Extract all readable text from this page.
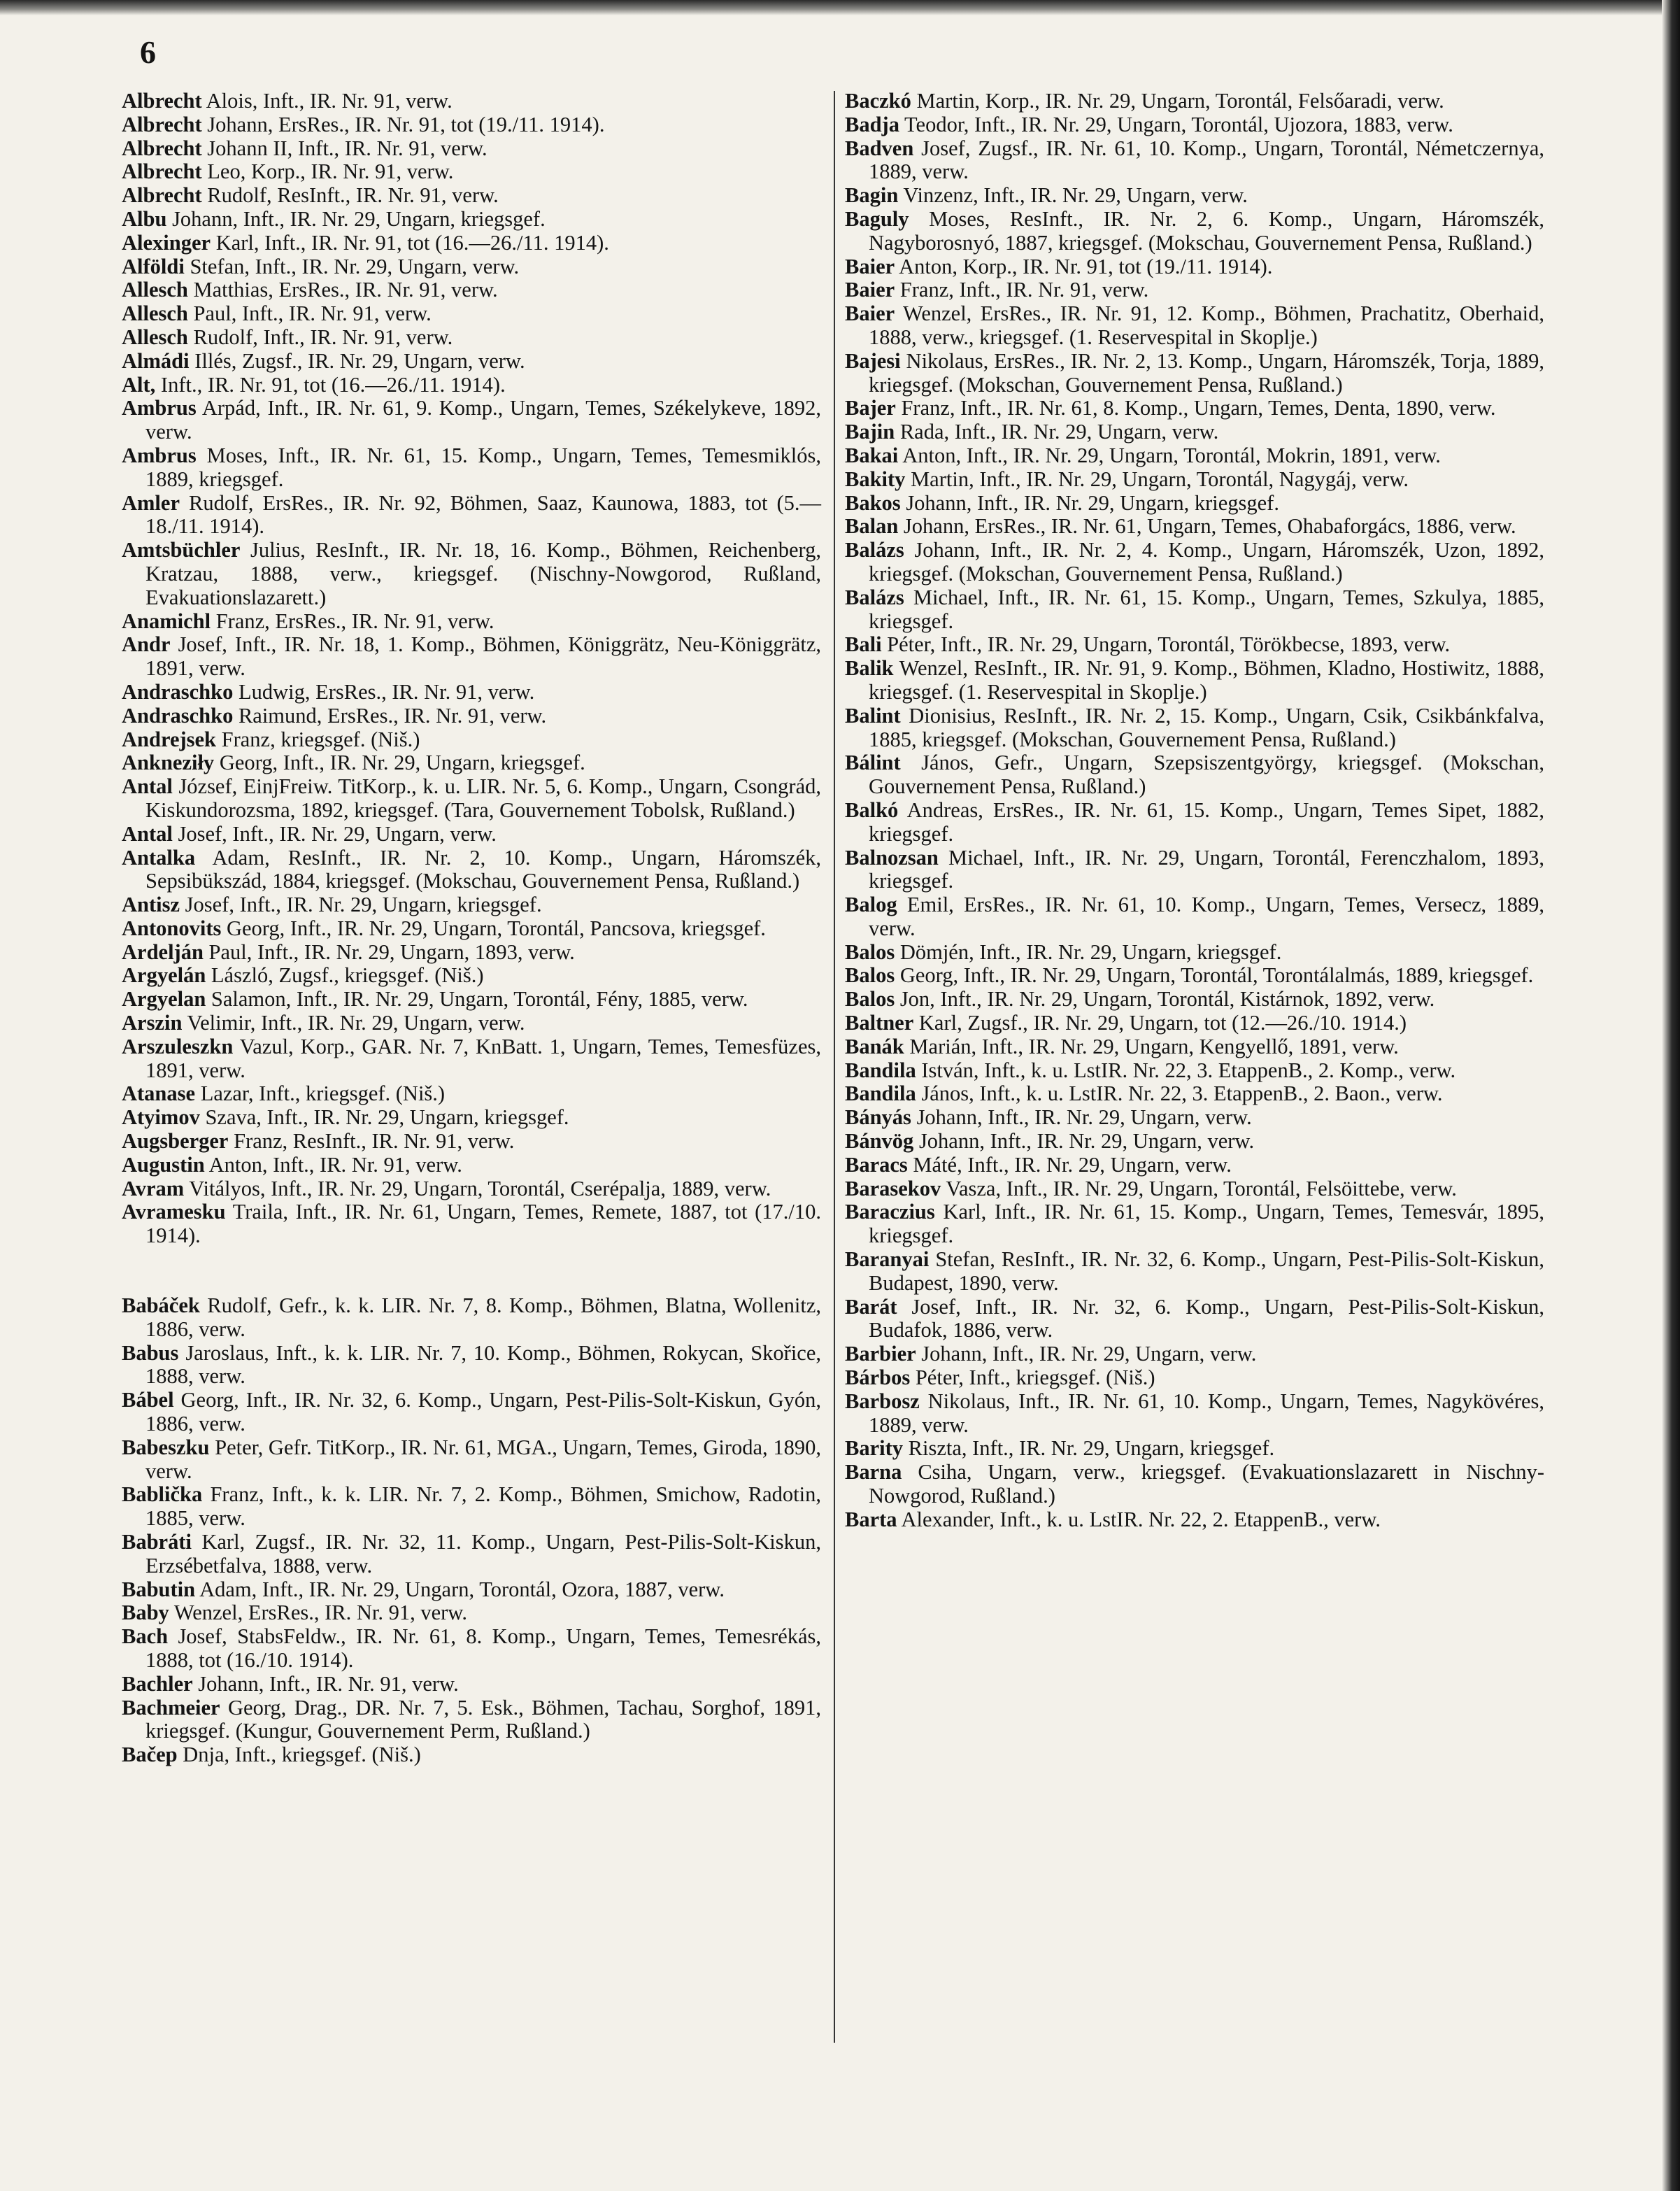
6
Albrecht Alois, Inft., IR. Nr. 91, verw.
Albrecht Johann, ErsRes., IR. Nr. 91, tot (19./11. 1914).
Albrecht Johann II, Inft., IR. Nr. 91, verw.
Albrecht Leo, Korp., IR. Nr. 91, verw.
Albrecht Rudolf, ResInft., IR. Nr. 91, verw.
Albu Johann, Inft., IR. Nr. 29, Ungarn, kriegsgef.
Alexinger Karl, Inft., IR. Nr. 91, tot (16.—26./11. 1914).
Alföldi Stefan, Inft., IR. Nr. 29, Ungarn, verw.
Allesch Matthias, ErsRes., IR. Nr. 91, verw.
Allesch Paul, Inft., IR. Nr. 91, verw.
Allesch Rudolf, Inft., IR. Nr. 91, verw.
Almádi Illés, Zugsf., IR. Nr. 29, Ungarn, verw.
Alt, Inft., IR. Nr. 91, tot (16.—26./11. 1914).
Ambrus Arpád, Inft., IR. Nr. 61, 9. Komp., Ungarn, Temes, Székelykeve, 1892, verw.
Ambrus Moses, Inft., IR. Nr. 61, 15. Komp., Ungarn, Temes, Temesmiklós, 1889, kriegsgef.
Amler Rudolf, ErsRes., IR. Nr. 92, Böhmen, Saaz, Kaunowa, 1883, tot (5.—18./11. 1914).
Amtsbüchler Julius, ResInft., IR. Nr. 18, 16. Komp., Böhmen, Reichenberg, Kratzau, 1888, verw., kriegsgef. (Nischny-Nowgorod, Rußland, Evakuationslazarett.)
Anamichl Franz, ErsRes., IR. Nr. 91, verw.
Andr Josef, Inft., IR. Nr. 18, 1. Komp., Böhmen, Königgrätz, Neu-Königgrätz, 1891, verw.
Andraschko Ludwig, ErsRes., IR. Nr. 91, verw.
Andraschko Raimund, ErsRes., IR. Nr. 91, verw.
Andrejsek Franz, kriegsgef. (Niš.)
Ankneziły Georg, Inft., IR. Nr. 29, Ungarn, kriegsgef.
Antal József, EinjFreiw. TitKorp., k. u. LIR. Nr. 5, 6. Komp., Ungarn, Csongrád, Kiskundorozsma, 1892, kriegsgef. (Tara, Gouvernement Tobolsk, Rußland.)
Antal Josef, Inft., IR. Nr. 29, Ungarn, verw.
Antalka Adam, ResInft., IR. Nr. 2, 10. Komp., Ungarn, Háromszék, Sepsibükszád, 1884, kriegsgef. (Mokschau, Gouvernement Pensa, Rußland.)
Antisz Josef, Inft., IR. Nr. 29, Ungarn, kriegsgef.
Antonovits Georg, Inft., IR. Nr. 29, Ungarn, Torontál, Pancsova, kriegsgef.
Ardelján Paul, Inft., IR. Nr. 29, Ungarn, 1893, verw.
Argyelán László, Zugsf., kriegsgef. (Niš.)
Argyelan Salamon, Inft., IR. Nr. 29, Ungarn, Torontál, Fény, 1885, verw.
Arszin Velimir, Inft., IR. Nr. 29, Ungarn, verw.
Arszuleszkn Vazul, Korp., GAR. Nr. 7, KnBatt. 1, Ungarn, Temes, Temesfüzes, 1891, verw.
Atanase Lazar, Inft., kriegsgef. (Niš.)
Atyimov Szava, Inft., IR. Nr. 29, Ungarn, kriegsgef.
Augsberger Franz, ResInft., IR. Nr. 91, verw.
Augustin Anton, Inft., IR. Nr. 91, verw.
Avram Vitályos, Inft., IR. Nr. 29, Ungarn, Torontál, Cserépalja, 1889, verw.
Avramesku Traila, Inft., IR. Nr. 61, Ungarn, Temes, Remete, 1887, tot (17./10. 1914).
Babáček Rudolf, Gefr., k. k. LIR. Nr. 7, 8. Komp., Böhmen, Blatna, Wollenitz, 1886, verw.
Babus Jaroslaus, Inft., k. k. LIR. Nr. 7, 10. Komp., Böhmen, Rokycan, Skořice, 1888, verw.
Bábel Georg, Inft., IR. Nr. 32, 6. Komp., Ungarn, Pest-Pilis-Solt-Kiskun, Gyón, 1886, verw.
Babeszku Peter, Gefr. TitKorp., IR. Nr. 61, MGA., Ungarn, Temes, Giroda, 1890, verw.
Bablička Franz, Inft., k. k. LIR. Nr. 7, 2. Komp., Böhmen, Smichow, Radotin, 1885, verw.
Babráti Karl, Zugsf., IR. Nr. 32, 11. Komp., Ungarn, Pest-Pilis-Solt-Kiskun, Erzsébetfalva, 1888, verw.
Babutin Adam, Inft., IR. Nr. 29, Ungarn, Torontál, Ozora, 1887, verw.
Baby Wenzel, ErsRes., IR. Nr. 91, verw.
Bach Josef, StabsFeldw., IR. Nr. 61, 8. Komp., Ungarn, Temes, Temesrékás, 1888, tot (16./10. 1914).
Bachler Johann, Inft., IR. Nr. 91, verw.
Bachmeier Georg, Drag., DR. Nr. 7, 5. Esk., Böhmen, Tachau, Sorghof, 1891, kriegsgef. (Kungur, Gouvernement Perm, Rußland.)
Bačep Dnja, Inft., kriegsgef. (Niš.)
Baczkó Martin, Korp., IR. Nr. 29, Ungarn, Torontál, Felsőaradi, verw.
Badja Teodor, Inft., IR. Nr. 29, Ungarn, Torontál, Ujozora, 1883, verw.
Badven Josef, Zugsf., IR. Nr. 61, 10. Komp., Ungarn, Torontál, Németczernya, 1889, verw.
Bagin Vinzenz, Inft., IR. Nr. 29, Ungarn, verw.
Baguly Moses, ResInft., IR. Nr. 2, 6. Komp., Ungarn, Háromszék, Nagyborosnyó, 1887, kriegsgef. (Mokschau, Gouvernement Pensa, Rußland.)
Baier Anton, Korp., IR. Nr. 91, tot (19./11. 1914).
Baier Franz, Inft., IR. Nr. 91, verw.
Baier Wenzel, ErsRes., IR. Nr. 91, 12. Komp., Böhmen, Prachatitz, Oberhaid, 1888, verw., kriegsgef. (1. Reservespital in Skoplje.)
Bajesi Nikolaus, ErsRes., IR. Nr. 2, 13. Komp., Ungarn, Háromszék, Torja, 1889, kriegsgef. (Mokschan, Gouvernement Pensa, Rußland.)
Bajer Franz, Inft., IR. Nr. 61, 8. Komp., Ungarn, Temes, Denta, 1890, verw.
Bajin Rada, Inft., IR. Nr. 29, Ungarn, verw.
Bakai Anton, Inft., IR. Nr. 29, Ungarn, Torontál, Mokrin, 1891, verw.
Bakity Martin, Inft., IR. Nr. 29, Ungarn, Torontál, Nagygáj, verw.
Bakos Johann, Inft., IR. Nr. 29, Ungarn, kriegsgef.
Balan Johann, ErsRes., IR. Nr. 61, Ungarn, Temes, Ohabaforgács, 1886, verw.
Balázs Johann, Inft., IR. Nr. 2, 4. Komp., Ungarn, Háromszék, Uzon, 1892, kriegsgef. (Mokschan, Gouvernement Pensa, Rußland.)
Balázs Michael, Inft., IR. Nr. 61, 15. Komp., Ungarn, Temes, Szkulya, 1885, kriegsgef.
Bali Péter, Inft., IR. Nr. 29, Ungarn, Torontál, Törökbecse, 1893, verw.
Balik Wenzel, ResInft., IR. Nr. 91, 9. Komp., Böhmen, Kladno, Hostiwitz, 1888, kriegsgef. (1. Reservespital in Skoplje.)
Balint Dionisius, ResInft., IR. Nr. 2, 15. Komp., Ungarn, Csik, Csikbánkfalva, 1885, kriegsgef. (Mokschan, Gouvernement Pensa, Rußland.)
Bálint János, Gefr., Ungarn, Szepsiszentgyörgy, kriegsgef. (Mokschan, Gouvernement Pensa, Rußland.)
Balkó Andreas, ErsRes., IR. Nr. 61, 15. Komp., Ungarn, Temes Sipet, 1882, kriegsgef.
Balnozsan Michael, Inft., IR. Nr. 29, Ungarn, Torontál, Ferenczhalom, 1893, kriegsgef.
Balog Emil, ErsRes., IR. Nr. 61, 10. Komp., Ungarn, Temes, Versecz, 1889, verw.
Balos Dömjén, Inft., IR. Nr. 29, Ungarn, kriegsgef.
Balos Georg, Inft., IR. Nr. 29, Ungarn, Torontál, Torontálalmás, 1889, kriegsgef.
Balos Jon, Inft., IR. Nr. 29, Ungarn, Torontál, Kistárnok, 1892, verw.
Baltner Karl, Zugsf., IR. Nr. 29, Ungarn, tot (12.—26./10. 1914.)
Banák Marián, Inft., IR. Nr. 29, Ungarn, Kengyellő, 1891, verw.
Bandila István, Inft., k. u. LstIR. Nr. 22, 3. EtappenB., 2. Komp., verw.
Bandila János, Inft., k. u. LstIR. Nr. 22, 3. EtappenB., 2. Baon., verw.
Bányás Johann, Inft., IR. Nr. 29, Ungarn, verw.
Bánvög Johann, Inft., IR. Nr. 29, Ungarn, verw.
Baracs Máté, Inft., IR. Nr. 29, Ungarn, verw.
Barasekov Vasza, Inft., IR. Nr. 29, Ungarn, Torontál, Felsöittebe, verw.
Baraczius Karl, Inft., IR. Nr. 61, 15. Komp., Ungarn, Temes, Temesvár, 1895, kriegsgef.
Baranyai Stefan, ResInft., IR. Nr. 32, 6. Komp., Ungarn, Pest-Pilis-Solt-Kiskun, Budapest, 1890, verw.
Barát Josef, Inft., IR. Nr. 32, 6. Komp., Ungarn, Pest-Pilis-Solt-Kiskun, Budafok, 1886, verw.
Barbier Johann, Inft., IR. Nr. 29, Ungarn, verw.
Bárbos Péter, Inft., kriegsgef. (Niš.)
Barbosz Nikolaus, Inft., IR. Nr. 61, 10. Komp., Ungarn, Temes, Nagykövéres, 1889, verw.
Barity Riszta, Inft., IR. Nr. 29, Ungarn, kriegsgef.
Barna Csiha, Ungarn, verw., kriegsgef. (Evakuationslazarett in Nischny-Nowgorod, Rußland.)
Barta Alexander, Inft., k. u. LstIR. Nr. 22, 2. EtappenB., verw.
